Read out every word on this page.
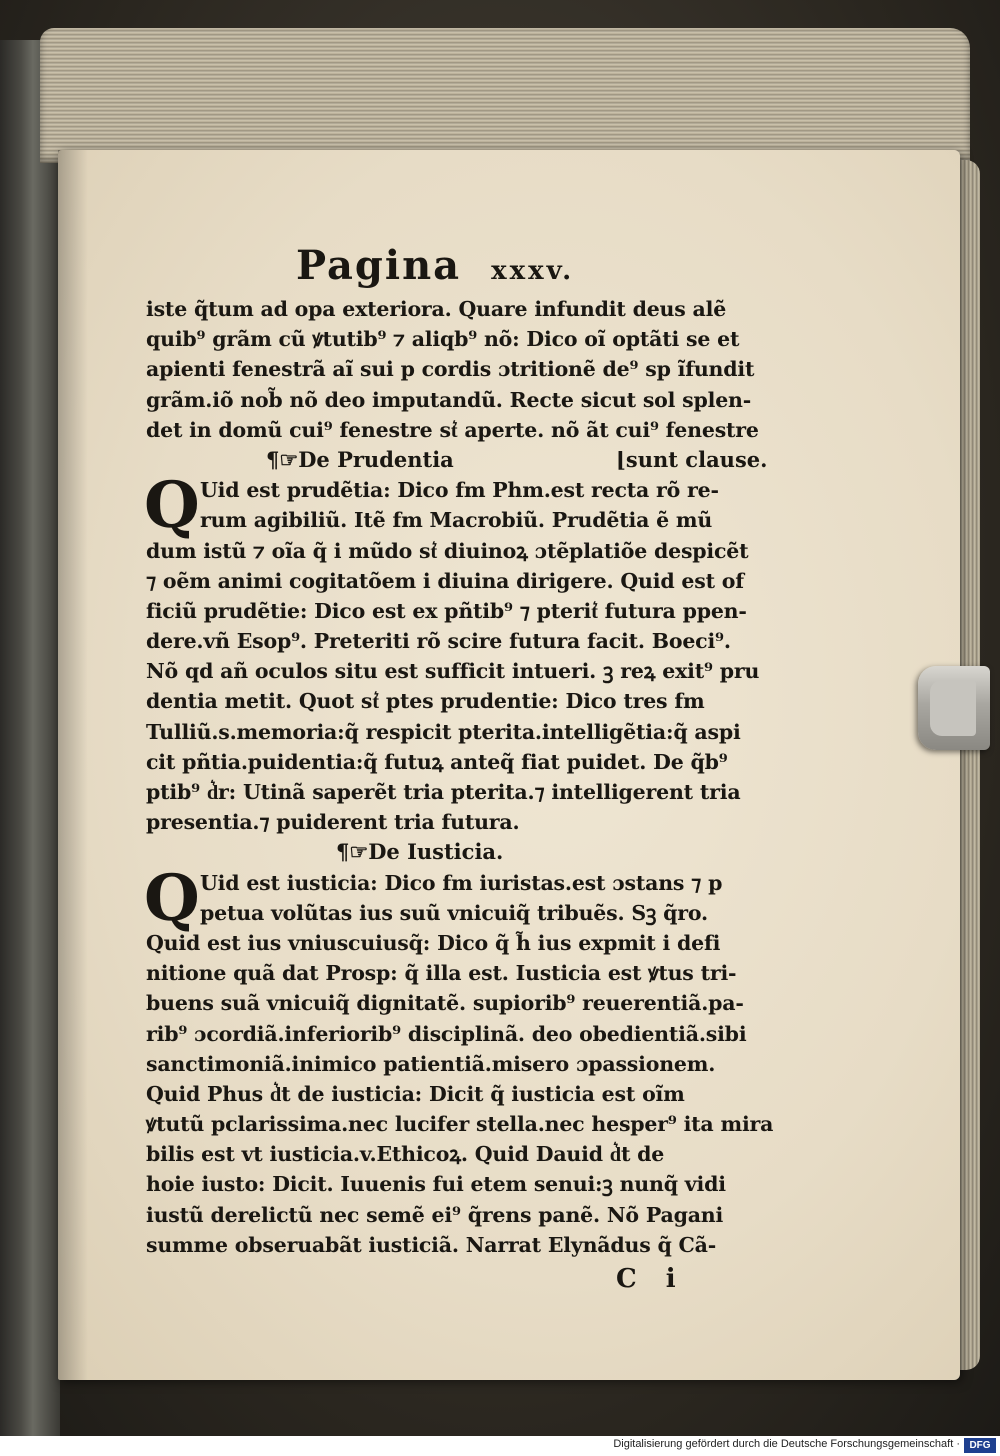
Pagina xxxv.
iste q̃tum ad opa exteriora. Quare infundit deus alẽ
quib⁹ grãm cũ ꝟtutib⁹ ⁊ aliqb⁹ nõ: Dico oĩ optãti se et
apienti fenestrã aĩ sui p cordis ɔtritionẽ de⁹ sp ĩfundit
grãm.iõ nob̃ nõ deo imputandũ. Recte sicut sol splen-
det in domũ cui⁹ fenestre st͛ aperte. nõ ãt cui⁹ fenestre
¶☞De Prudentia	⌊sunt clause.
Q Uid est prudẽtia: Dico fm Phm.est recta rõ re-
rum agibiliũ. Itẽ fm Macrobiũ. Prudẽtia ẽ mũ
dum istũ ⁊ oĩa q̃ i mũdo st͛ diuinoꝝ ɔtẽplatiõe despicẽt
⁊ oẽm animi cogitatõem i diuina dirigere. Quid est of
ficiũ prudẽtie: Dico est ex pñtib⁹ ⁊ pterit͛ futura ppen-
dere.vñ Esop⁹. Preteriti rõ scire futura facit. Boeci⁹.
Nõ qd añ oculos situ est sufficit intueri. ꝫ reꝝ exit⁹ pru
dentia metit. Quot st͛ ptes prudentie: Dico tres fm
Tulliũ.s.memoria:q̃ respicit pterita.intelligẽtia:q̃ aspi
cit pñtia.puidentia:q̃ futuꝝ anteq̃ fiat puidet. De q̃b⁹
ptib⁹ d͛r: Utinã saperẽt tria pterita.⁊ intelligerent tria
presentia.⁊ puiderent tria futura.
¶☞De Iusticia.
Q Uid est iusticia: Dico fm iuristas.est ɔstans ⁊ p
petua volũtas ius suũ vnicuiq̃ tribuẽs. Sꝫ q̃ro.
Quid est ius vniuscuiusq̃: Dico q̃ h̃ ius expmit i defi
nitione quã dat Prosp: q̃ illa est. Iusticia est ꝟtus tri-
buens suã vnicuiq̃ dignitatẽ. supiorib⁹ reuerentiã.pa-
rib⁹ ɔcordiã.inferiorib⁹ disciplinã. deo obedientiã.sibi
sanctimoniã.inimico patientiã.misero ɔpassionem.
Quid Phus d͛t de iusticia: Dicit q̃ iusticia est oĩm
ꝟtutũ pclarissima.nec lucifer stella.nec hesper⁹ ita mira
bilis est vt iusticia.v.Ethicoꝝ. Quid Dauid d͛t de
hoie iusto: Dicit. Iuuenis fui etem senui:ꝫ nunq̃ vidi
iustũ derelictũ nec semẽ ei⁹ q̃rens panẽ. Nõ Pagani
summe obseruabãt iusticiã. Narrat Elynãdus q̃ Cã-
C i
Digitalisierung gefördert durch die Deutsche Forschungsgemeinschaft · DFG
